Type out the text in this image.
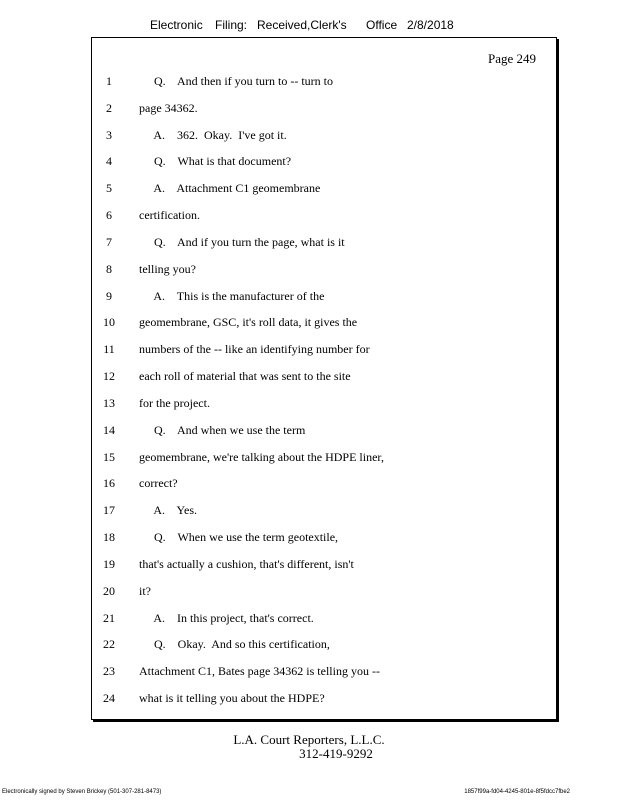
Electronic Filing: Received,Clerk's Office 2/8/2018
Page 249
1	Q.    And then if you turn to -- turn to
2	page 34362.
3	A.    362.  Okay.  I've got it.
4	Q.    What is that document?
5	A.    Attachment C1 geomembrane
6	certification.
7	Q.    And if you turn the page, what is it
8	telling you?
9	A.    This is the manufacturer of the
10	geomembrane, GSC, it's roll data, it gives the
11	numbers of the -- like an identifying number for
12	each roll of material that was sent to the site
13	for the project.
14	Q.    And when we use the term
15	geomembrane, we're talking about the HDPE liner,
16	correct?
17	A.    Yes.
18	Q.    When we use the term geotextile,
19	that's actually a cushion, that's different, isn't
20	it?
21	A.    In this project, that's correct.
22	Q.    Okay.  And so this certification,
23	Attachment C1, Bates page 34362 is telling you --
24	what is it telling you about the HDPE?
L.A. Court Reporters, L.L.C.
312-419-9292
Electronically signed by Steven Brickey (501-307-281-8473)	1857f99a-fd04-4245-801e-8f5fdcc7fbe2
